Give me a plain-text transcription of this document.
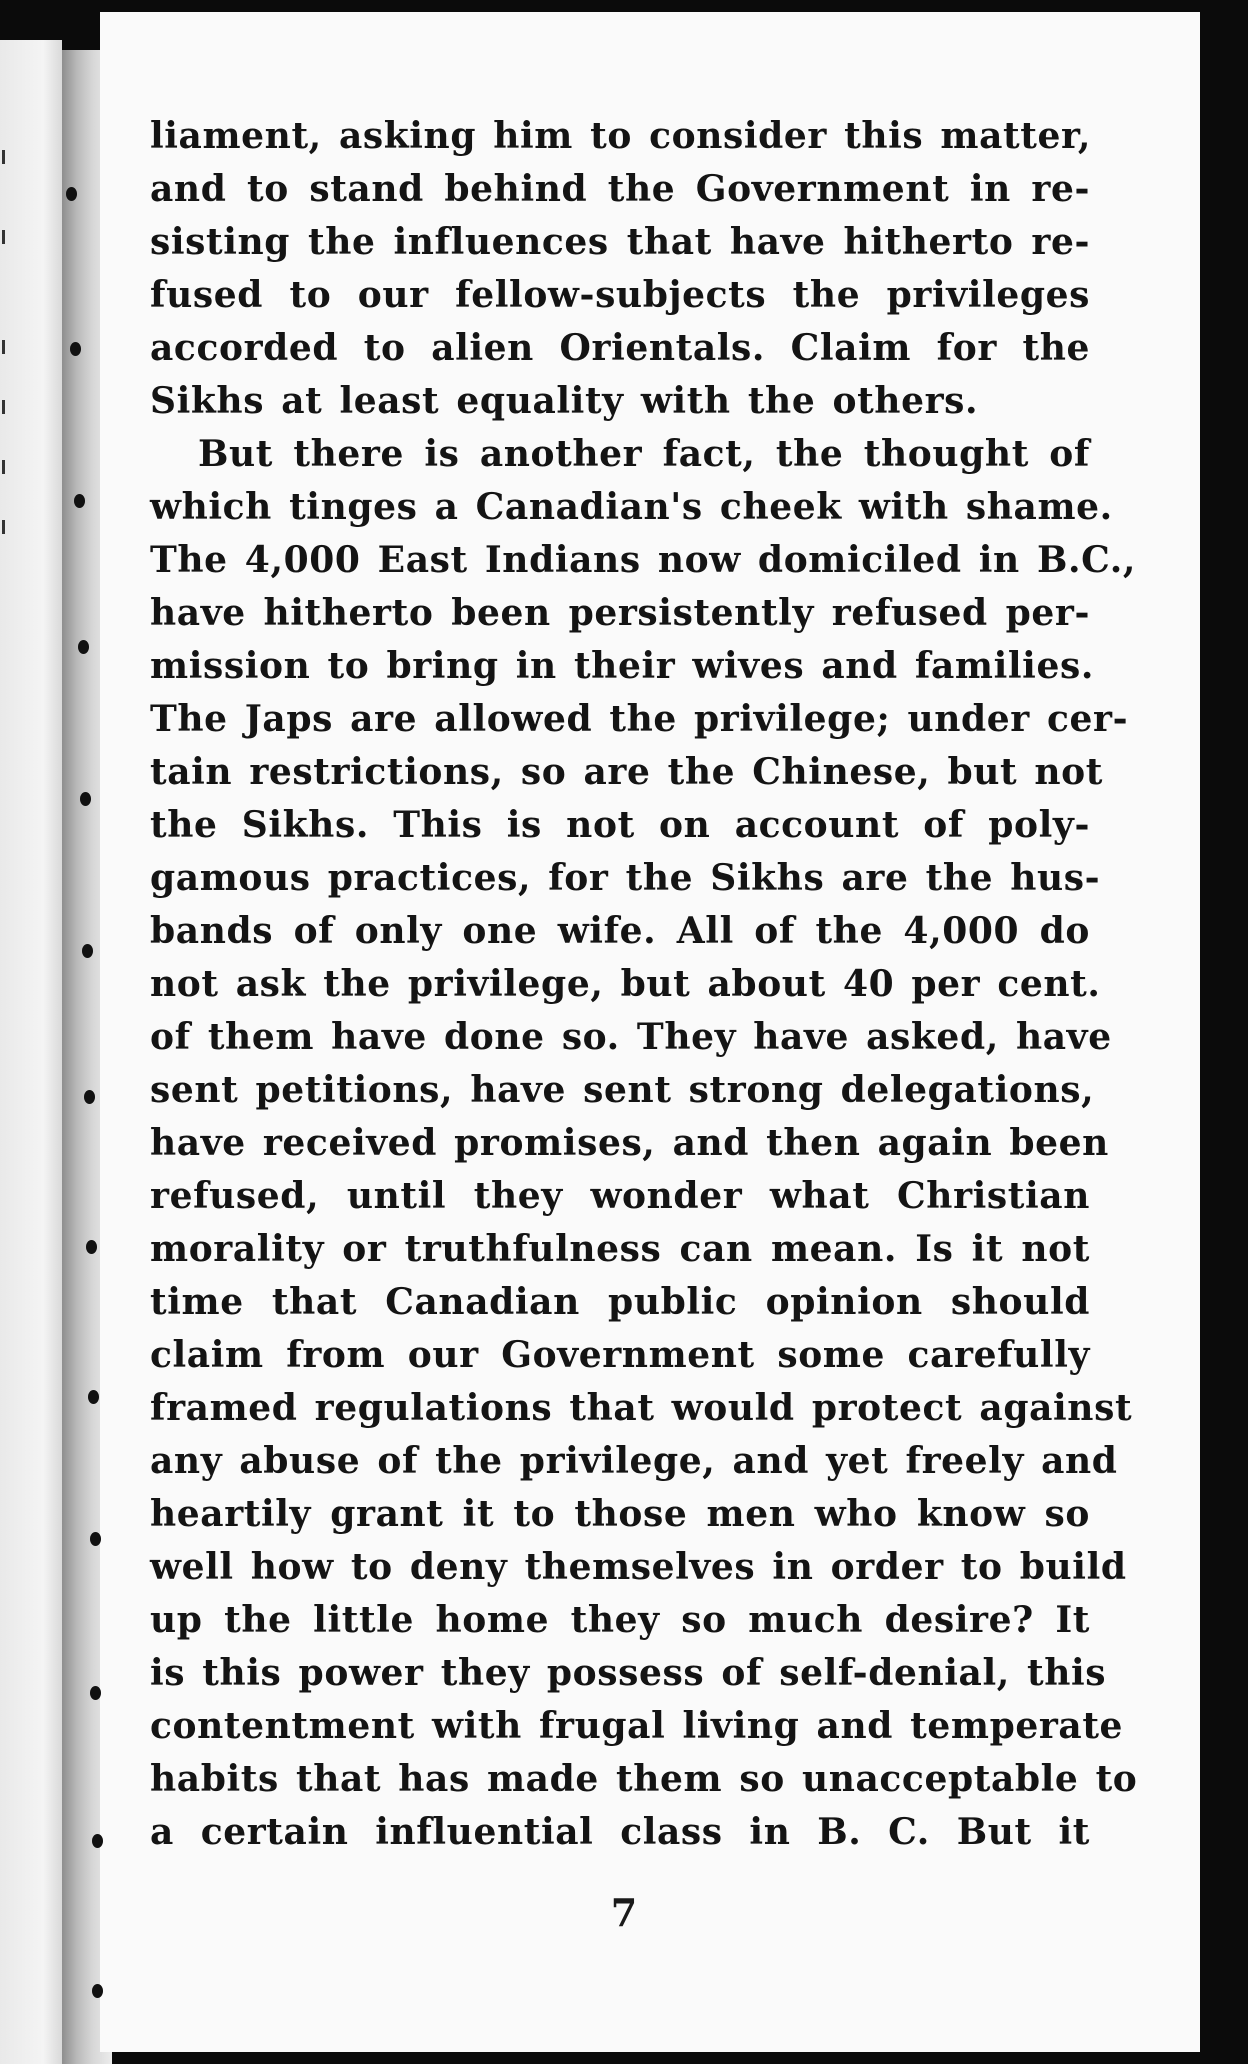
liament, asking him to consider this matter,
and to stand behind the Government in re-
sisting the influences that have hitherto re-
fused to our fellow-subjects the privileges
accorded to alien Orientals. Claim for the
Sikhs at least equality with the others.
But there is another fact, the thought of
which tinges a Canadian's cheek with shame.
The 4,000 East Indians now domiciled in B.C.,
have hitherto been persistently refused per-
mission to bring in their wives and families.
The Japs are allowed the privilege; under cer-
tain restrictions, so are the Chinese, but not
the Sikhs. This is not on account of poly-
gamous practices, for the Sikhs are the hus-
bands of only one wife. All of the 4,000 do
not ask the privilege, but about 40 per cent.
of them have done so. They have asked, have
sent petitions, have sent strong delegations,
have received promises, and then again been
refused, until they wonder what Christian
morality or truthfulness can mean. Is it not
time that Canadian public opinion should
claim from our Government some carefully
framed regulations that would protect against
any abuse of the privilege, and yet freely and
heartily grant it to those men who know so
well how to deny themselves in order to build
up the little home they so much desire? It
is this power they possess of self-denial, this
contentment with frugal living and temperate
habits that has made them so unacceptable to
a certain influential class in B. C. But it
7
